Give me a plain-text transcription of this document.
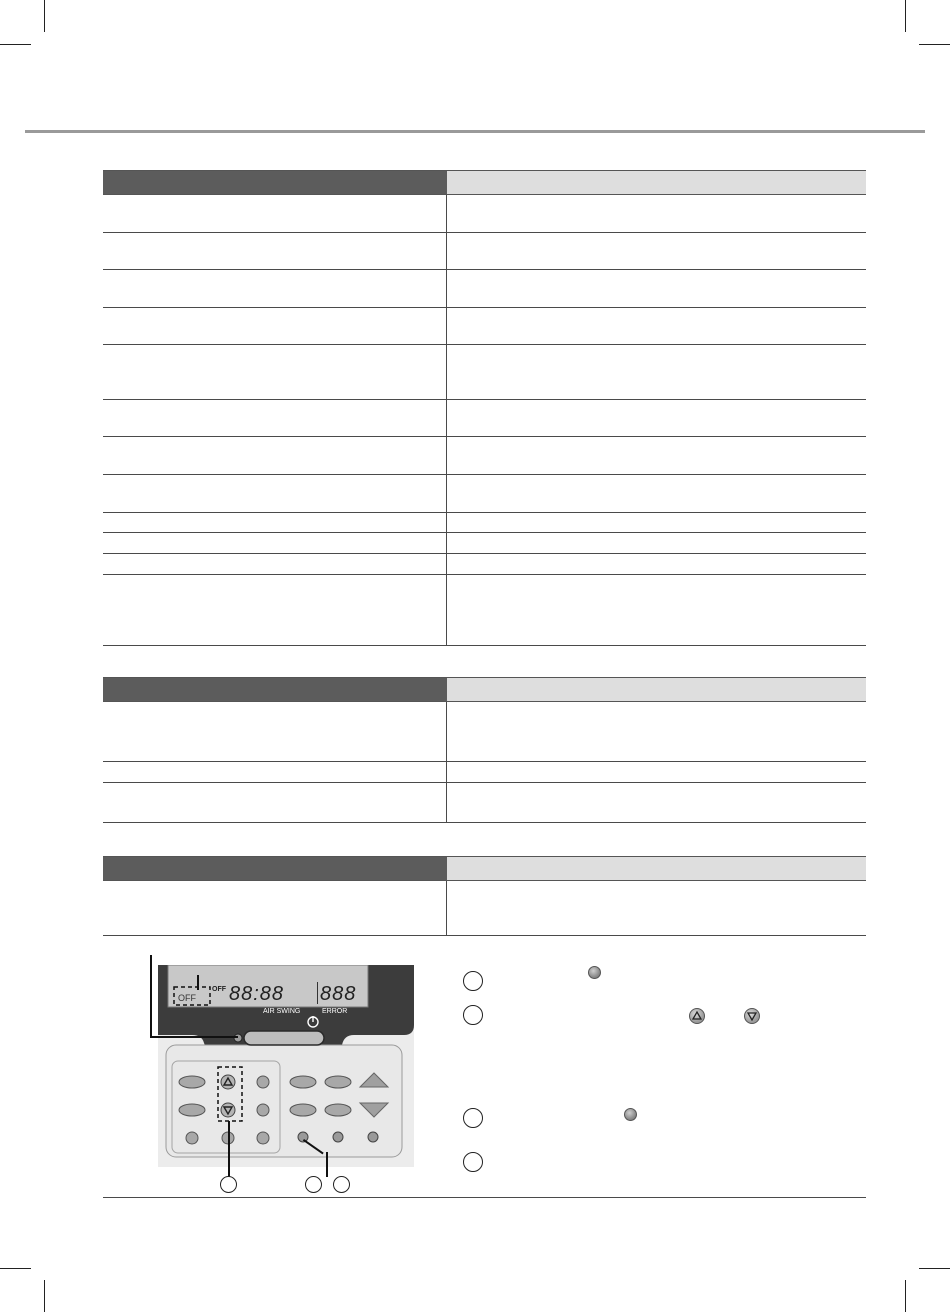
OFF
OFF 88:88 888
AIR SWING	ERROR
